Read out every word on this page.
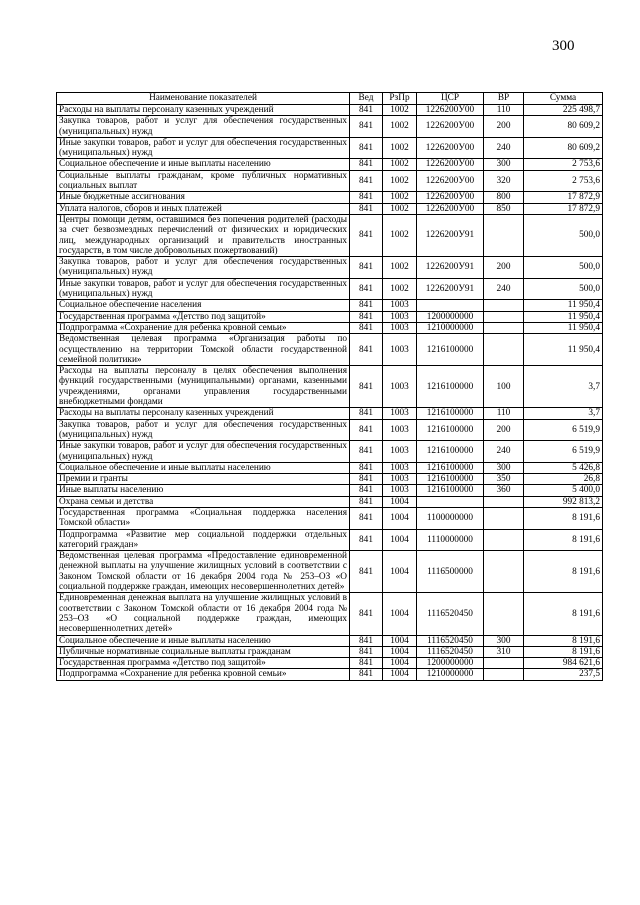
300
Наименование показателей	Вед	РзПр	ЦСР	ВР	Сумма
Расходы на выплаты персоналу казенных учреждений	841	1002	1226200У00	110	225 498,7
Закупка товаров, работ и услуг для обеспечения государственных (муниципальных) нужд	841	1002	1226200У00	200	80 609,2
Иные закупки товаров, работ и услуг для обеспечения государственных (муниципальных) нужд	841	1002	1226200У00	240	80 609,2
Социальное обеспечение и иные выплаты населению	841	1002	1226200У00	300	2 753,6
Социальные выплаты гражданам, кроме публичных нормативных социальных выплат	841	1002	1226200У00	320	2 753,6
Иные бюджетные ассигнования	841	1002	1226200У00	800	17 872,9
Уплата налогов, сборов и иных платежей	841	1002	1226200У00	850	17 872,9
Центры помощи детям, оставшимся без попечения родителей (расходы за счет безвозмездных перечислений от физических и юридических лиц, международных организаций и правительств иностранных государств, в том числе добровольных пожертвований)	841	1002	1226200У91		500,0
Закупка товаров, работ и услуг для обеспечения государственных (муниципальных) нужд	841	1002	1226200У91	200	500,0
Иные закупки товаров, работ и услуг для обеспечения государственных (муниципальных) нужд	841	1002	1226200У91	240	500,0
Социальное обеспечение населения	841	1003			11 950,4
Государственная программа «Детство под защитой»	841	1003	1200000000		11 950,4
Подпрограмма «Сохранение для ребенка кровной семьи»	841	1003	1210000000		11 950,4
Ведомственная целевая программа «Организация работы по осуществлению на территории Томской области государственной семейной политики»	841	1003	1216100000		11 950,4
Расходы на выплаты персоналу в целях обеспечения выполнения функций государственными (муниципальными) органами, казенными учреждениями, органами управления государственными внебюджетными фондами	841	1003	1216100000	100	3,7
Расходы на выплаты персоналу казенных учреждений	841	1003	1216100000	110	3,7
Закупка товаров, работ и услуг для обеспечения государственных (муниципальных) нужд	841	1003	1216100000	200	6 519,9
Иные закупки товаров, работ и услуг для обеспечения государственных (муниципальных) нужд	841	1003	1216100000	240	6 519,9
Социальное обеспечение и иные выплаты населению	841	1003	1216100000	300	5 426,8
Премии и гранты	841	1003	1216100000	350	26,8
Иные выплаты населению	841	1003	1216100000	360	5 400,0
Охрана семьи и детства	841	1004			992 813,2
Государственная программа «Социальная поддержка населения Томской области»	841	1004	1100000000		8 191,6
Подпрограмма «Развитие мер социальной поддержки отдельных категорий граждан»	841	1004	1110000000		8 191,6
Ведомственная целевая программа «Предоставление единовременной денежной выплаты на улучшение жилищных условий в соответствии с Законом Томской области от 16 декабря 2004 года № 253–ОЗ «О социальной поддержке граждан, имеющих несовершеннолетних детей»	841	1004	1116500000		8 191,6
Единовременная денежная выплата на улучшение жилищных условий в соответствии с Законом Томской области от 16 декабря 2004 года № 253–ОЗ «О социальной поддержке граждан, имеющих несовершеннолетних детей»	841	1004	1116520450		8 191,6
Социальное обеспечение и иные выплаты населению	841	1004	1116520450	300	8 191,6
Публичные нормативные социальные выплаты гражданам	841	1004	1116520450	310	8 191,6
Государственная программа «Детство под защитой»	841	1004	1200000000		984 621,6
Подпрограмма «Сохранение для ребенка кровной семьи»	841	1004	1210000000		237,5
